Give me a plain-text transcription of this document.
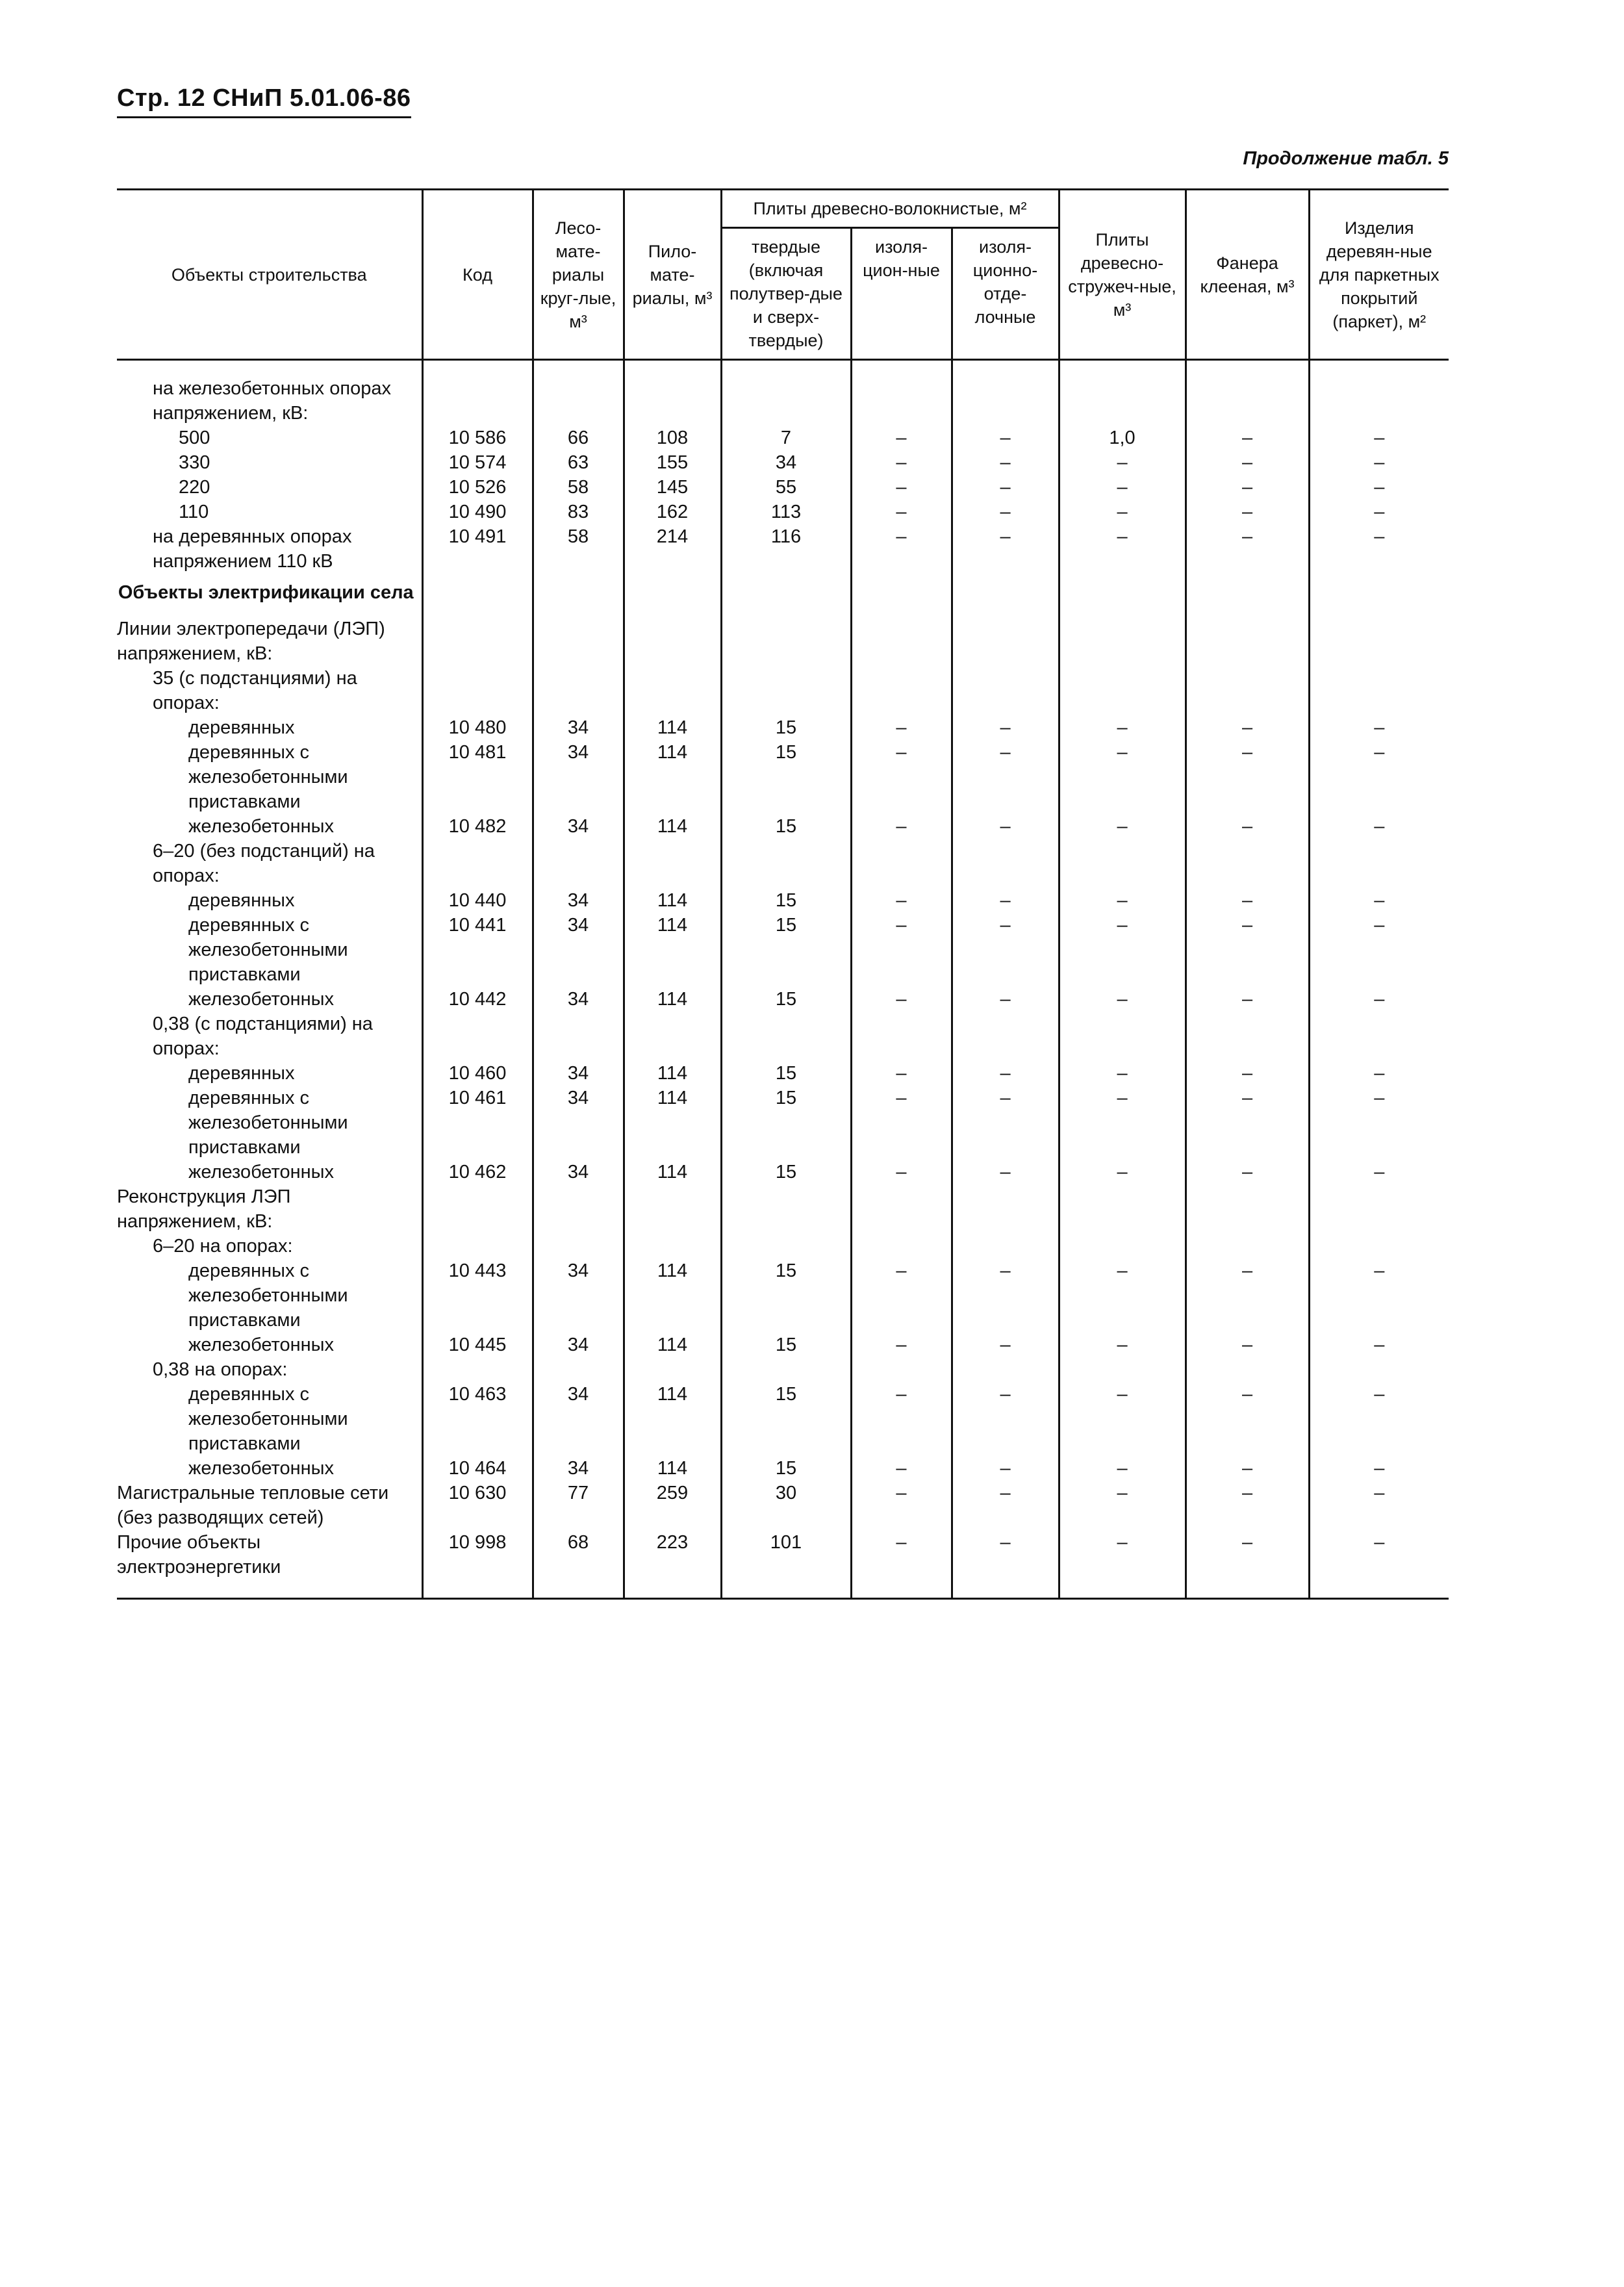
Стр. 12 СНиП 5.01.06-86
Продолжение табл. 5
Объекты строительства	Код	Лесо-мате-риалы круг-лые, м³	Пило-мате-риалы, м³	Плиты древесно-волокнистые, м²			Плиты древесно-стружеч-ные, м³	Фанера клееная, м³	Изделия деревян-ные для паркетных покрытий (паркет), м²
				твердые (включая полутвер-дые и сверх-твердые)	изоля-цион-ные	изоля-ционно-отде-лочные			

на железобетонных опорах напряжением, кВ:									

500	10 586	66	108	7	–	–	1,0	–	–

330	10 574	63	155	34	–	–	–	–	–

220	10 526	58	145	55	–	–	–	–	–

110	10 490	83	162	113	–	–	–	–	–

на деревянных опорах напряжением 110 кВ	10 491	58	214	116	–	–	–	–	–

Объекты электрификации села									

Линии электропередачи (ЛЭП) напряжением, кВ:									

35 (с подстанциями) на опорах:									

деревянных	10 480	34	114	15	–	–	–	–	–

деревянных с железобетонными приставками	10 481	34	114	15	–	–	–	–	–

железобетонных	10 482	34	114	15	–	–	–	–	–

6–20 (без подстанций) на опорах:									

деревянных	10 440	34	114	15	–	–	–	–	–

деревянных с железобетонными приставками	10 441	34	114	15	–	–	–	–	–

железобетонных	10 442	34	114	15	–	–	–	–	–

0,38 (с подстанциями) на опорах:									

деревянных	10 460	34	114	15	–	–	–	–	–

деревянных с железобетонными приставками	10 461	34	114	15	–	–	–	–	–

железобетонных	10 462	34	114	15	–	–	–	–	–

Реконструкция ЛЭП напряжением, кВ:									

6–20 на опорах:									

деревянных с железобетонными приставками	10 443	34	114	15	–	–	–	–	–

железобетонных	10 445	34	114	15	–	–	–	–	–

0,38 на опорах:									

деревянных с железобетонными приставками	10 463	34	114	15	–	–	–	–	–

железобетонных	10 464	34	114	15	–	–	–	–	–

Магистральные тепловые сети (без разводящих сетей)	10 630	77	259	30	–	–	–	–	–

Прочие объекты электроэнергетики	10 998	68	223	101	–	–	–	–	–
